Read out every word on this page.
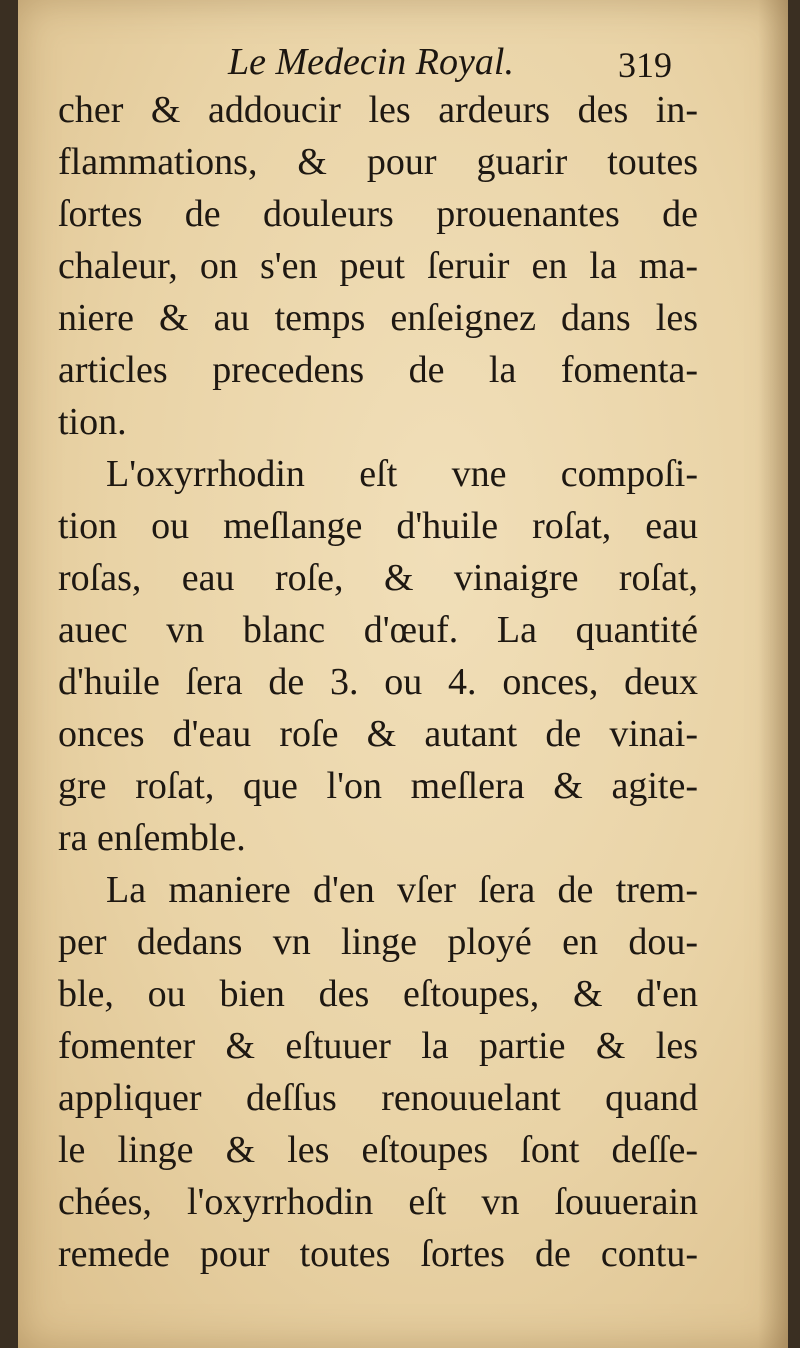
Le Medecin Royal.	319
cher & addoucir les ardeurs des in-
flammations, & pour guarir toutes
ſortes de douleurs prouenantes de
chaleur, on s'en peut ſeruir en la ma-
niere & au temps enſeignez dans les
articles precedens de la fomenta-
tion.
L'oxyrrhodin eſt vne compoſi-
tion ou meſlange d'huile roſat, eau
roſas, eau roſe, & vinaigre roſat,
auec vn blanc d'œuf. La quantité
d'huile ſera de 3. ou 4. onces, deux
onces d'eau roſe & autant de vinai-
gre roſat, que l'on meſlera & agite-
ra enſemble.
La maniere d'en vſer ſera de trem-
per dedans vn linge ployé en dou-
ble, ou bien des eſtoupes, & d'en
fomenter & eſtuuer la partie & les
appliquer deſſus renouuelant quand
le linge & les eſtoupes ſont deſſe-
chées, l'oxyrrhodin eſt vn ſouuerain
remede pour toutes ſortes de contu-
